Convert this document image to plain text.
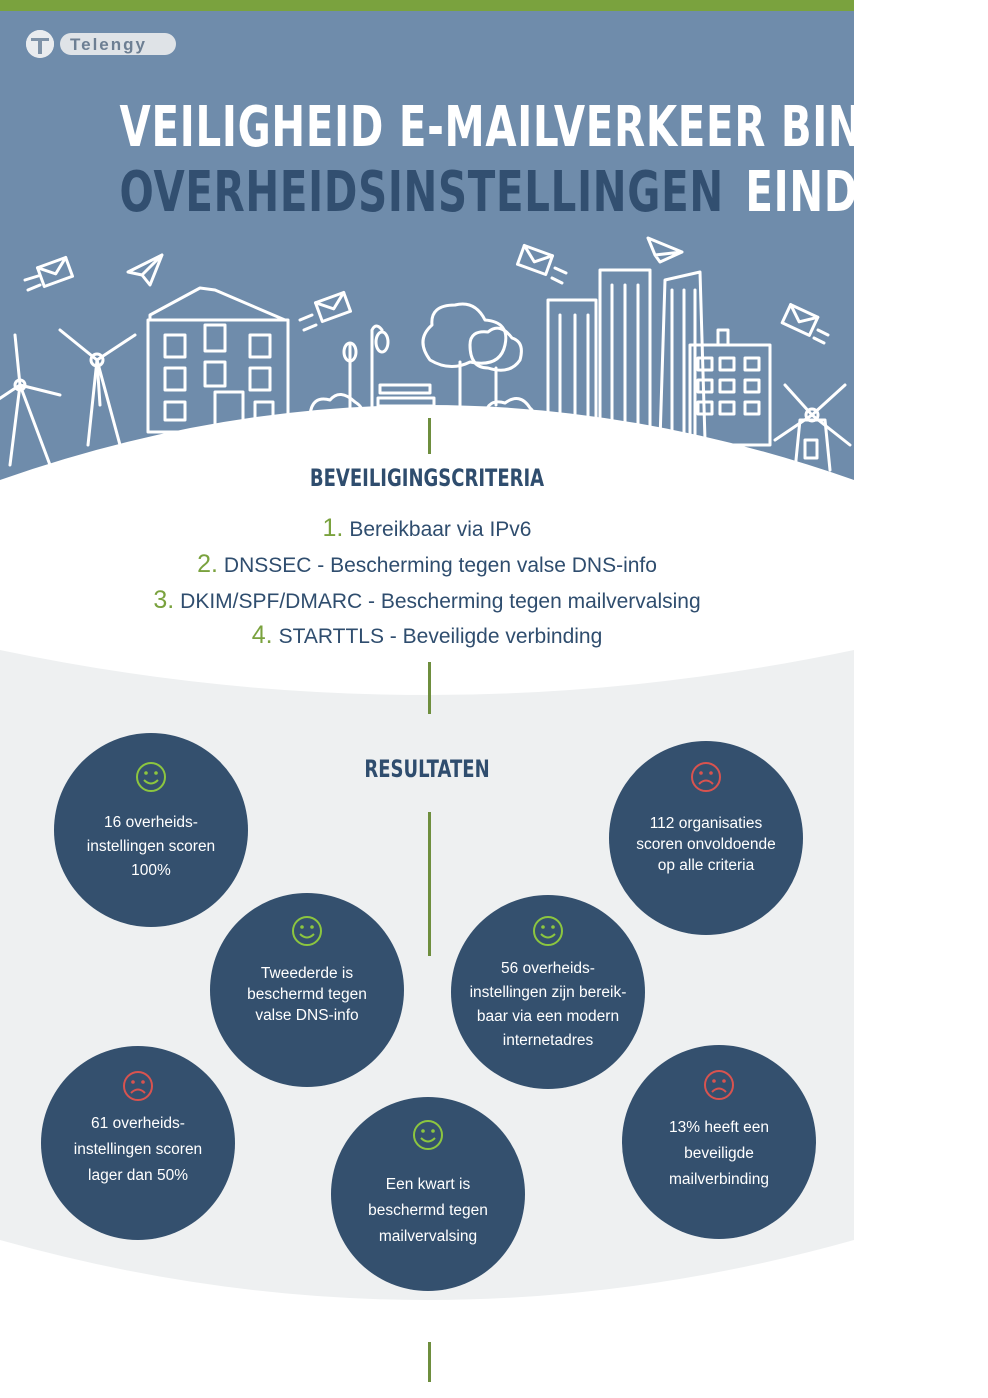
Telengy
VEILIGHEID E-MAILVERKEER BINNEN
OVERHEIDSINSTELLINGEN EIND 2018
BEVEILIGINGSCRITERIA
1. Bereikbaar via IPv6
2. DNSSEC - Bescherming tegen valse DNS-info
3. DKIM/SPF/DMARC - Bescherming tegen mailvervalsing
4. STARTTLS - Beveiligde verbinding
RESULTATEN
16 overheids-
instellingen scoren
100%
112 organisaties
scoren onvoldoende
op alle criteria
Tweederde is
beschermd tegen
valse DNS-info
56 overheids-
instellingen zijn bereik-
baar via een modern
internetadres
61 overheids-
instellingen scoren
lager dan 50%
Een kwart is
beschermd tegen
mailvervalsing
13% heeft een
beveiligde
mailverbinding
